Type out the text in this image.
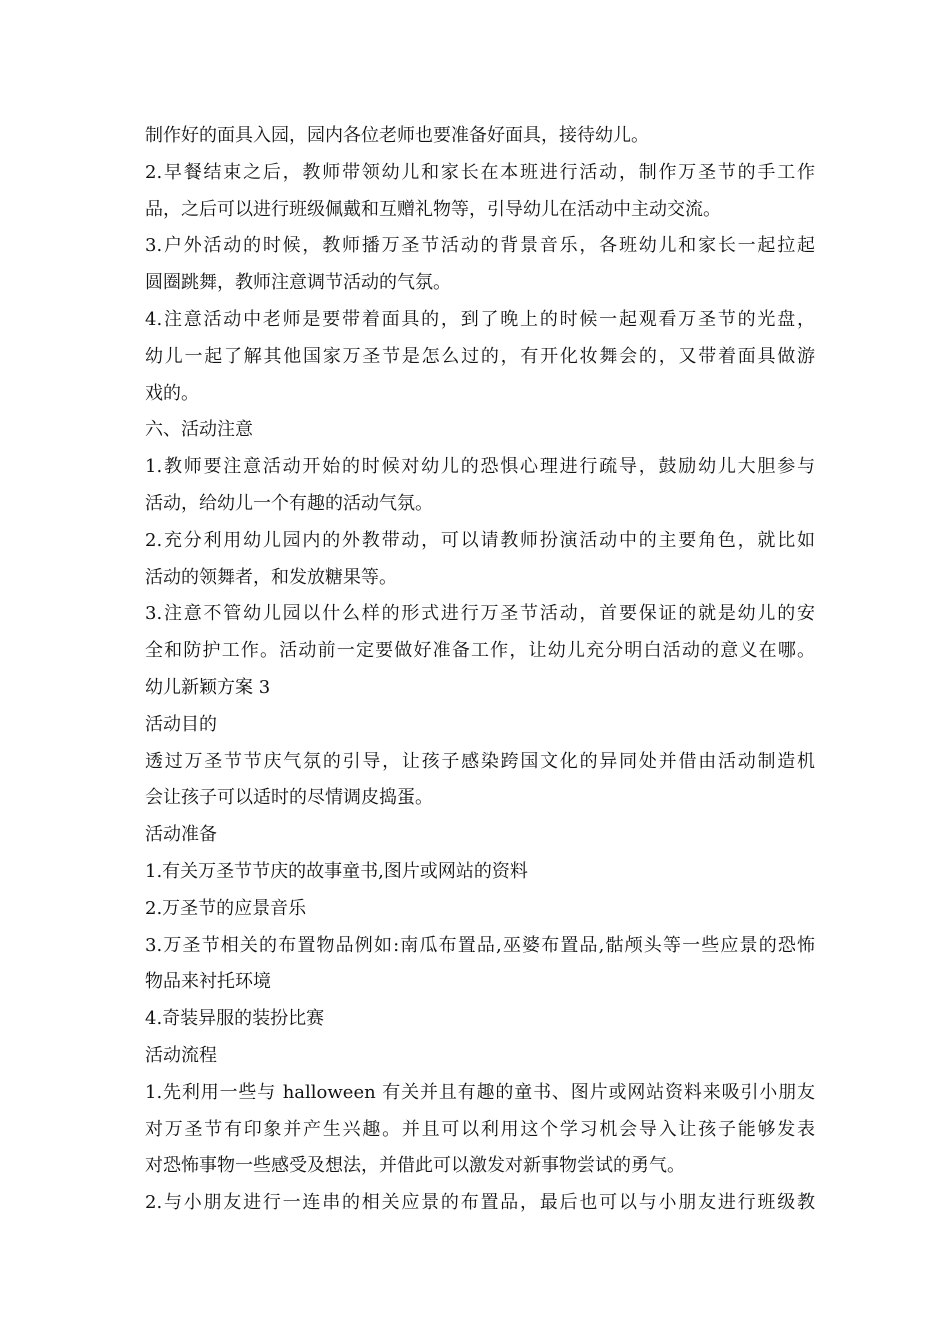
制作好的面具入园，园内各位老师也要准备好面具，接待幼儿。
2.早餐结束之后，教师带领幼儿和家长在本班进行活动，制作万圣节的手工作
品，之后可以进行班级佩戴和互赠礼物等，引导幼儿在活动中主动交流。
3.户外活动的时候，教师播万圣节活动的背景音乐，各班幼儿和家长一起拉起
圆圈跳舞，教师注意调节活动的气氛。
4.注意活动中老师是要带着面具的，到了晚上的时候一起观看万圣节的光盘，
幼儿一起了解其他国家万圣节是怎么过的，有开化妆舞会的，又带着面具做游
戏的。
六、活动注意
1.教师要注意活动开始的时候对幼儿的恐惧心理进行疏导，鼓励幼儿大胆参与
活动，给幼儿一个有趣的活动气氛。
2.充分利用幼儿园内的外教带动，可以请教师扮演活动中的主要角色，就比如
活动的领舞者，和发放糖果等。
3.注意不管幼儿园以什么样的形式进行万圣节活动，首要保证的就是幼儿的安
全和防护工作。活动前一定要做好准备工作，让幼儿充分明白活动的意义在哪。
幼儿新颖方案 3
活动目的
透过万圣节节庆气氛的引导，让孩子感染跨国文化的异同处并借由活动制造机
会让孩子可以适时的尽情调皮捣蛋。
活动准备
1.有关万圣节节庆的故事童书,图片或网站的资料
2.万圣节的应景音乐
3.万圣节相关的布置物品例如:南瓜布置品,巫婆布置品,骷颅头等一些应景的恐怖
物品来衬托环境
4.奇装异服的装扮比赛
活动流程
1.先利用一些与 halloween 有关并且有趣的童书、图片或网站资料来吸引小朋友
对万圣节有印象并产生兴趣。并且可以利用这个学习机会导入让孩子能够发表
对恐怖事物一些感受及想法，并借此可以激发对新事物尝试的勇气。
2.与小朋友进行一连串的相关应景的布置品，最后也可以与小朋友进行班级教
